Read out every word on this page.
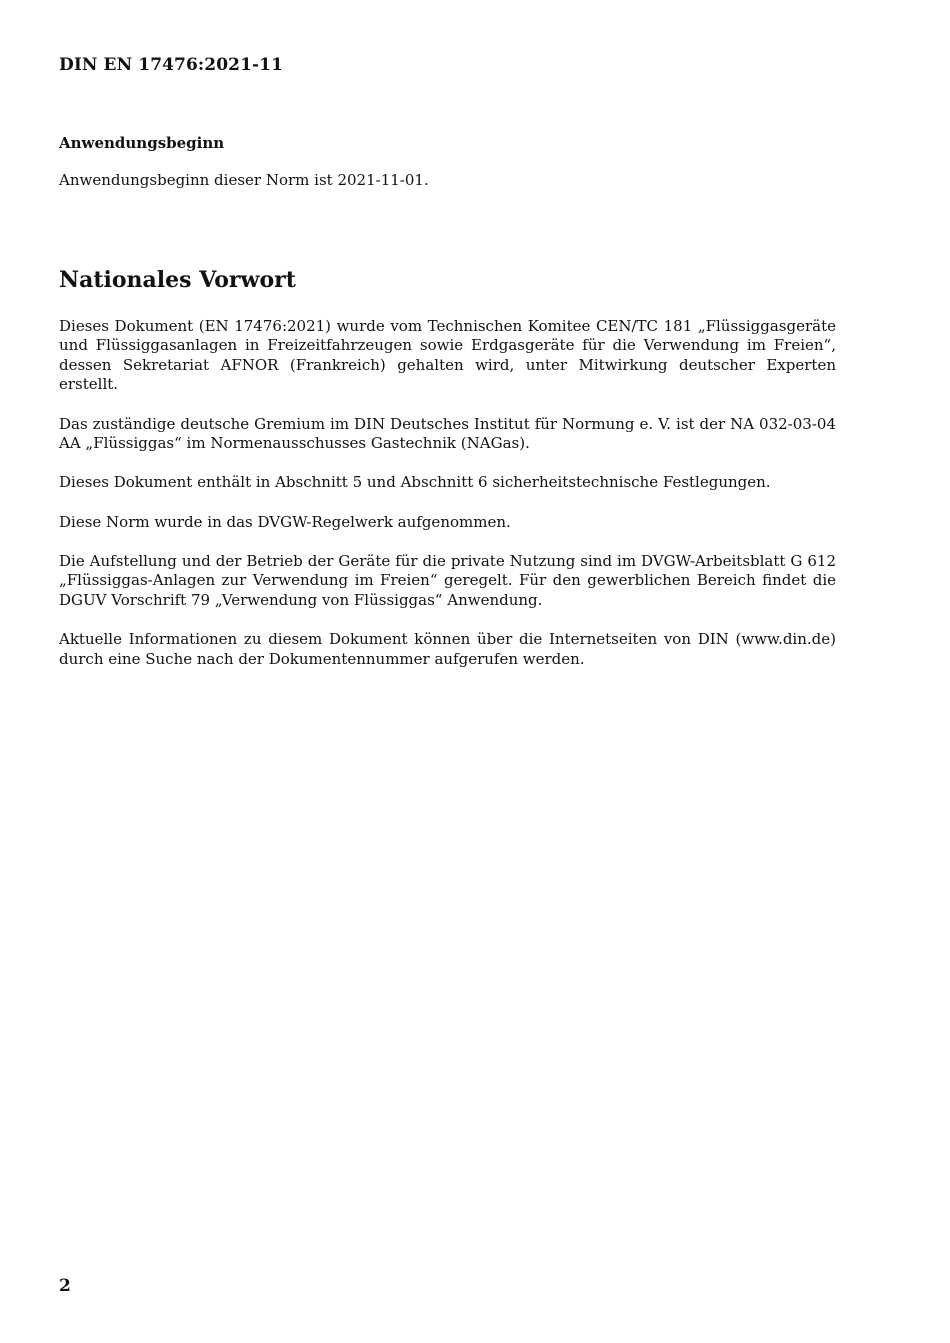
DIN EN 17476:2021-11
Anwendungsbeginn

Anwendungsbeginn dieser Norm ist 2021-11-01.

Nationales Vorwort

Dieses Dokument (EN 17476:2021) wurde vom Technischen Komitee CEN/TC 181 „Flüssiggasgeräte und Flüssiggasanlagen in Freizeitfahrzeugen sowie Erdgasgeräte für die Verwendung im Freien“, dessen Sekretariat AFNOR (Frankreich) gehalten wird, unter Mitwirkung deutscher Experten erstellt.

Das zuständige deutsche Gremium im DIN Deutsches Institut für Normung e. V. ist der NA 032-03-04 AA „Flüssiggas“ im Normenausschusses Gastechnik (NAGas).

Dieses Dokument enthält in Abschnitt 5 und Abschnitt 6 sicherheitstechnische Festlegungen.

Diese Norm wurde in das DVGW-Regelwerk aufgenommen.

Die Aufstellung und der Betrieb der Geräte für die private Nutzung sind im DVGW-Arbeitsblatt G 612 „Flüssiggas-Anlagen zur Verwendung im Freien“ geregelt. Für den gewerblichen Bereich findet die DGUV Vorschrift 79 „Verwendung von Flüssiggas“ Anwendung.

Aktuelle Informationen zu diesem Dokument können über die Internetseiten von DIN (www.din.de) durch eine Suche nach der Dokumentennummer aufgerufen werden.

2
